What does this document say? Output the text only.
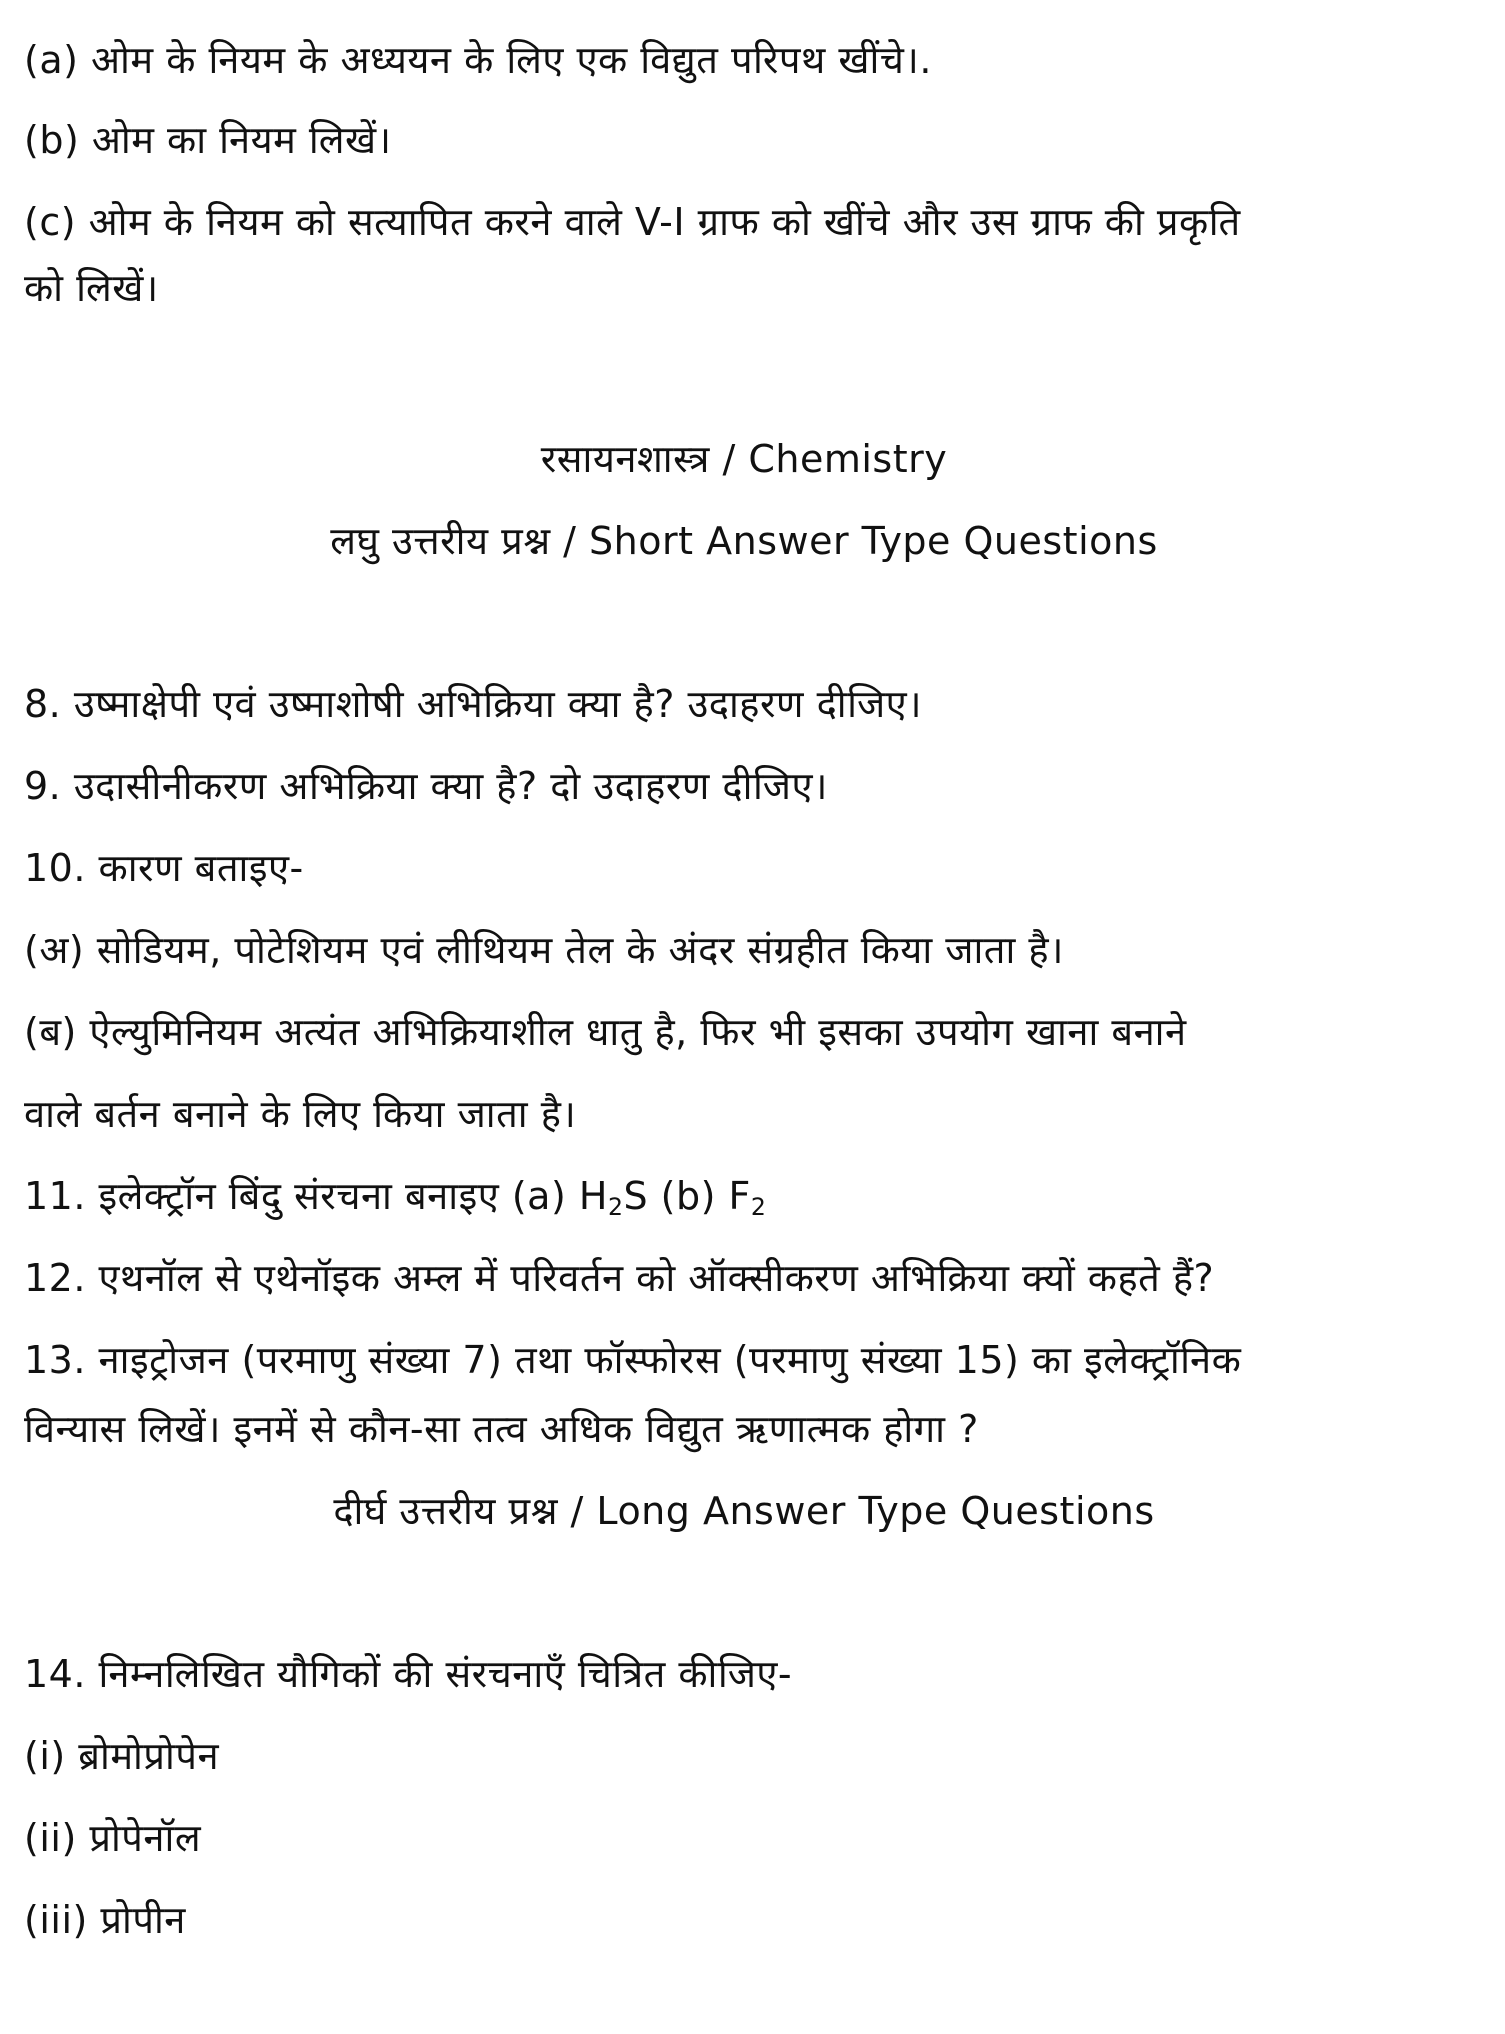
(a) ओम के नियम के अध्ययन के लिए एक विद्युत परिपथ खींचे।.
(b) ओम का नियम लिखें।
(c) ओम के नियम को सत्यापित करने वाले V-I ग्राफ को खींचे और उस ग्राफ की प्रकृति
को लिखें।
रसायनशास्त्र / Chemistry
लघु उत्तरीय प्रश्न / Short Answer Type Questions
8. उष्माक्षेपी एवं उष्माशोषी अभिक्रिया क्या है? उदाहरण दीजिए।
9. उदासीनीकरण अभिक्रिया क्या है? दो उदाहरण दीजिए।
10. कारण बताइए-
(अ) सोडियम, पोटेशियम एवं लीथियम तेल के अंदर संग्रहीत किया जाता है।
(ब) ऐल्युमिनियम अत्यंत अभिक्रियाशील धातु है, फिर भी इसका उपयोग खाना बनाने
वाले बर्तन बनाने के लिए किया जाता है।
11. इलेक्ट्रॉन बिंदु संरचना बनाइए (a) $H_2S$ (b) $F_2$
12. एथनॉल से एथेनॉइक अम्ल में परिवर्तन को ऑक्सीकरण अभिक्रिया क्यों कहते हैं?
13. नाइट्रोजन (परमाणु संख्या 7) तथा फॉस्फोरस (परमाणु संख्या 15) का इलेक्ट्रॉनिक
विन्यास लिखें। इनमें से कौन-सा तत्व अधिक विद्युत ऋणात्मक होगा ?
दीर्घ उत्तरीय प्रश्न / Long Answer Type Questions
14. निम्नलिखित यौगिकों की संरचनाएँ चित्रित कीजिए-
(i) ब्रोमोप्रोपेन
(ii) प्रोपेनॉल
(iii) प्रोपीन
